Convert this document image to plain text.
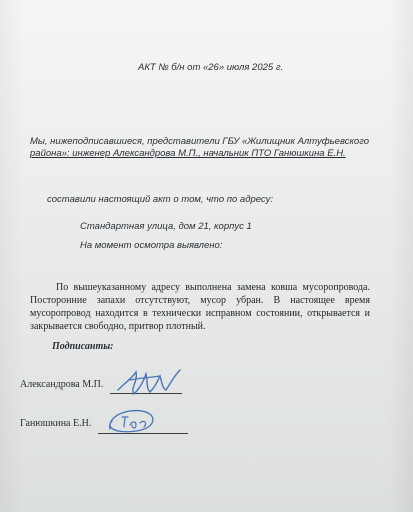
АКТ № б/н от «26» июля 2025 г.
Мы, нижеподписавшиеся, представители ГБУ «Жилищник Алтуфьевского
района»: инженер Александрова М.П., начальник ПТО Ганюшкина Е.Н.
составили настоящий акт о том, что по адресу:
Стандартная улица, дом 21, корпус 1
На момент осмотра выявлено:
По вышеуказанному адресу выполнена замена ковша мусоропровода. Посторонние запахи отсутствуют, мусор убран. В настоящее время мусоропровод находится в технически исправном состоянии, открывается и закрывается свободно, притвор плотный.
Подписанты:
Александрова М.П.
Ганюшкина Е.Н.
